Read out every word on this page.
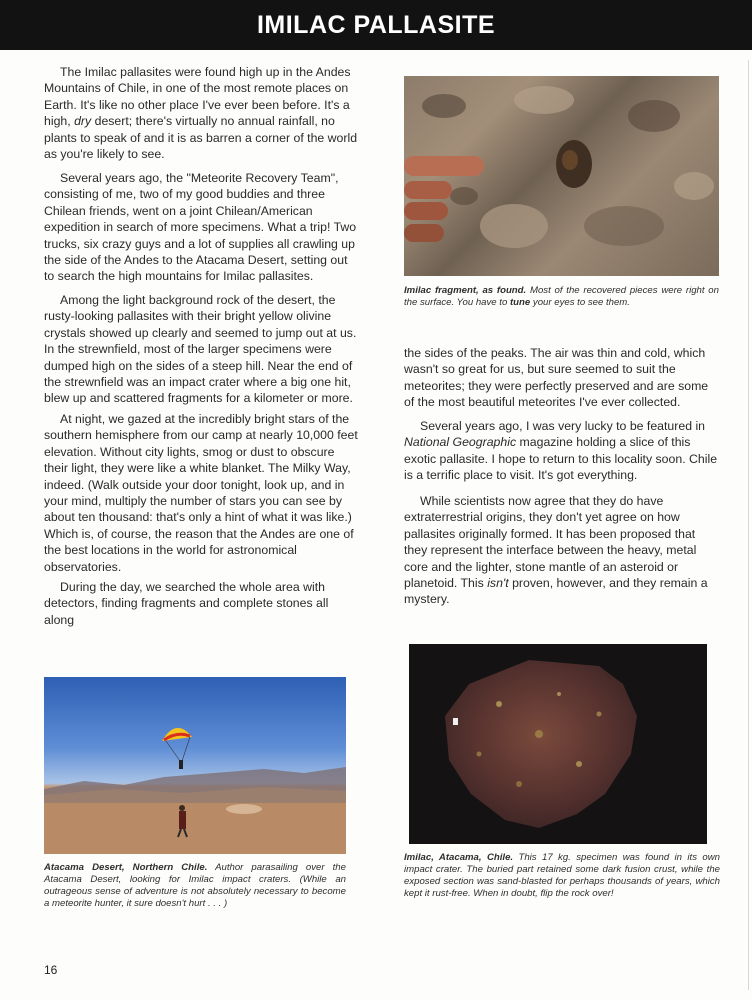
IMILAC PALLASITE

The Imilac pallasites were found high up in the Andes Mountains of Chile, in one of the most remote places on Earth. It's like no other place I've ever been before. It's a high, dry desert; there's virtually no annual rainfall, no plants to speak of and it is as barren a corner of the world as you're likely to see.

Several years ago, the "Meteorite Recovery Team", consisting of me, two of my good buddies and three Chilean friends, went on a joint Chilean/American expedition in search of more specimens. What a trip! Two trucks, six crazy guys and a lot of supplies all crawling up the side of the Andes to the Atacama Desert, setting out to search the high mountains for Imilac pallasites.

Among the light background rock of the desert, the rusty-looking pallasites with their bright yellow olivine crystals showed up clearly and seemed to jump out at us. In the strewnfield, most of the larger specimens were dumped high on the sides of a steep hill. Near the end of the strewnfield was an impact crater where a big one hit, blew up and scattered fragments for a kilometer or more.

At night, we gazed at the incredibly bright stars of the southern hemisphere from our camp at nearly 10,000 feet elevation. Without city lights, smog or dust to obscure their light, they were like a white blanket. The Milky Way, indeed. (Walk outside your door tonight, look up, and in your mind, multiply the number of stars you can see by about ten thousand: that's only a hint of what it was like.) Which is, of course, the reason that the Andes are one of the best locations in the world for astronomical observatories.

During the day, we searched the whole area with detectors, finding fragments and complete stones all along

Imilac fragment, as found. Most of the recovered pieces were right on the surface. You have to tune your eyes to see them.

the sides of the peaks. The air was thin and cold, which wasn't so great for us, but sure seemed to suit the meteorites; they were perfectly preserved and are some of the most beautiful meteorites I've ever collected.

Several years ago, I was very lucky to be featured in National Geographic magazine holding a slice of this exotic pallasite. I hope to return to this locality soon. Chile is a terrific place to visit. It's got everything.

While scientists now agree that they do have extraterrestrial origins, they don't yet agree on how pallasites originally formed. It has been proposed that they represent the interface between the heavy, metal core and the lighter, stone mantle of an asteroid or planetoid. This isn't proven, however, and they remain a mystery.

Atacama Desert, Northern Chile. Author parasailing over the Atacama Desert, looking for Imilac impact craters. (While an outrageous sense of adventure is not absolutely necessary to become a meteorite hunter, it sure doesn't hurt . . . )

Imilac, Atacama, Chile. This 17 kg. specimen was found in its own impact crater. The buried part retained some dark fusion crust, while the exposed section was sand-blasted for perhaps thousands of years, which kept it rust-free. When in doubt, flip the rock over!

16
